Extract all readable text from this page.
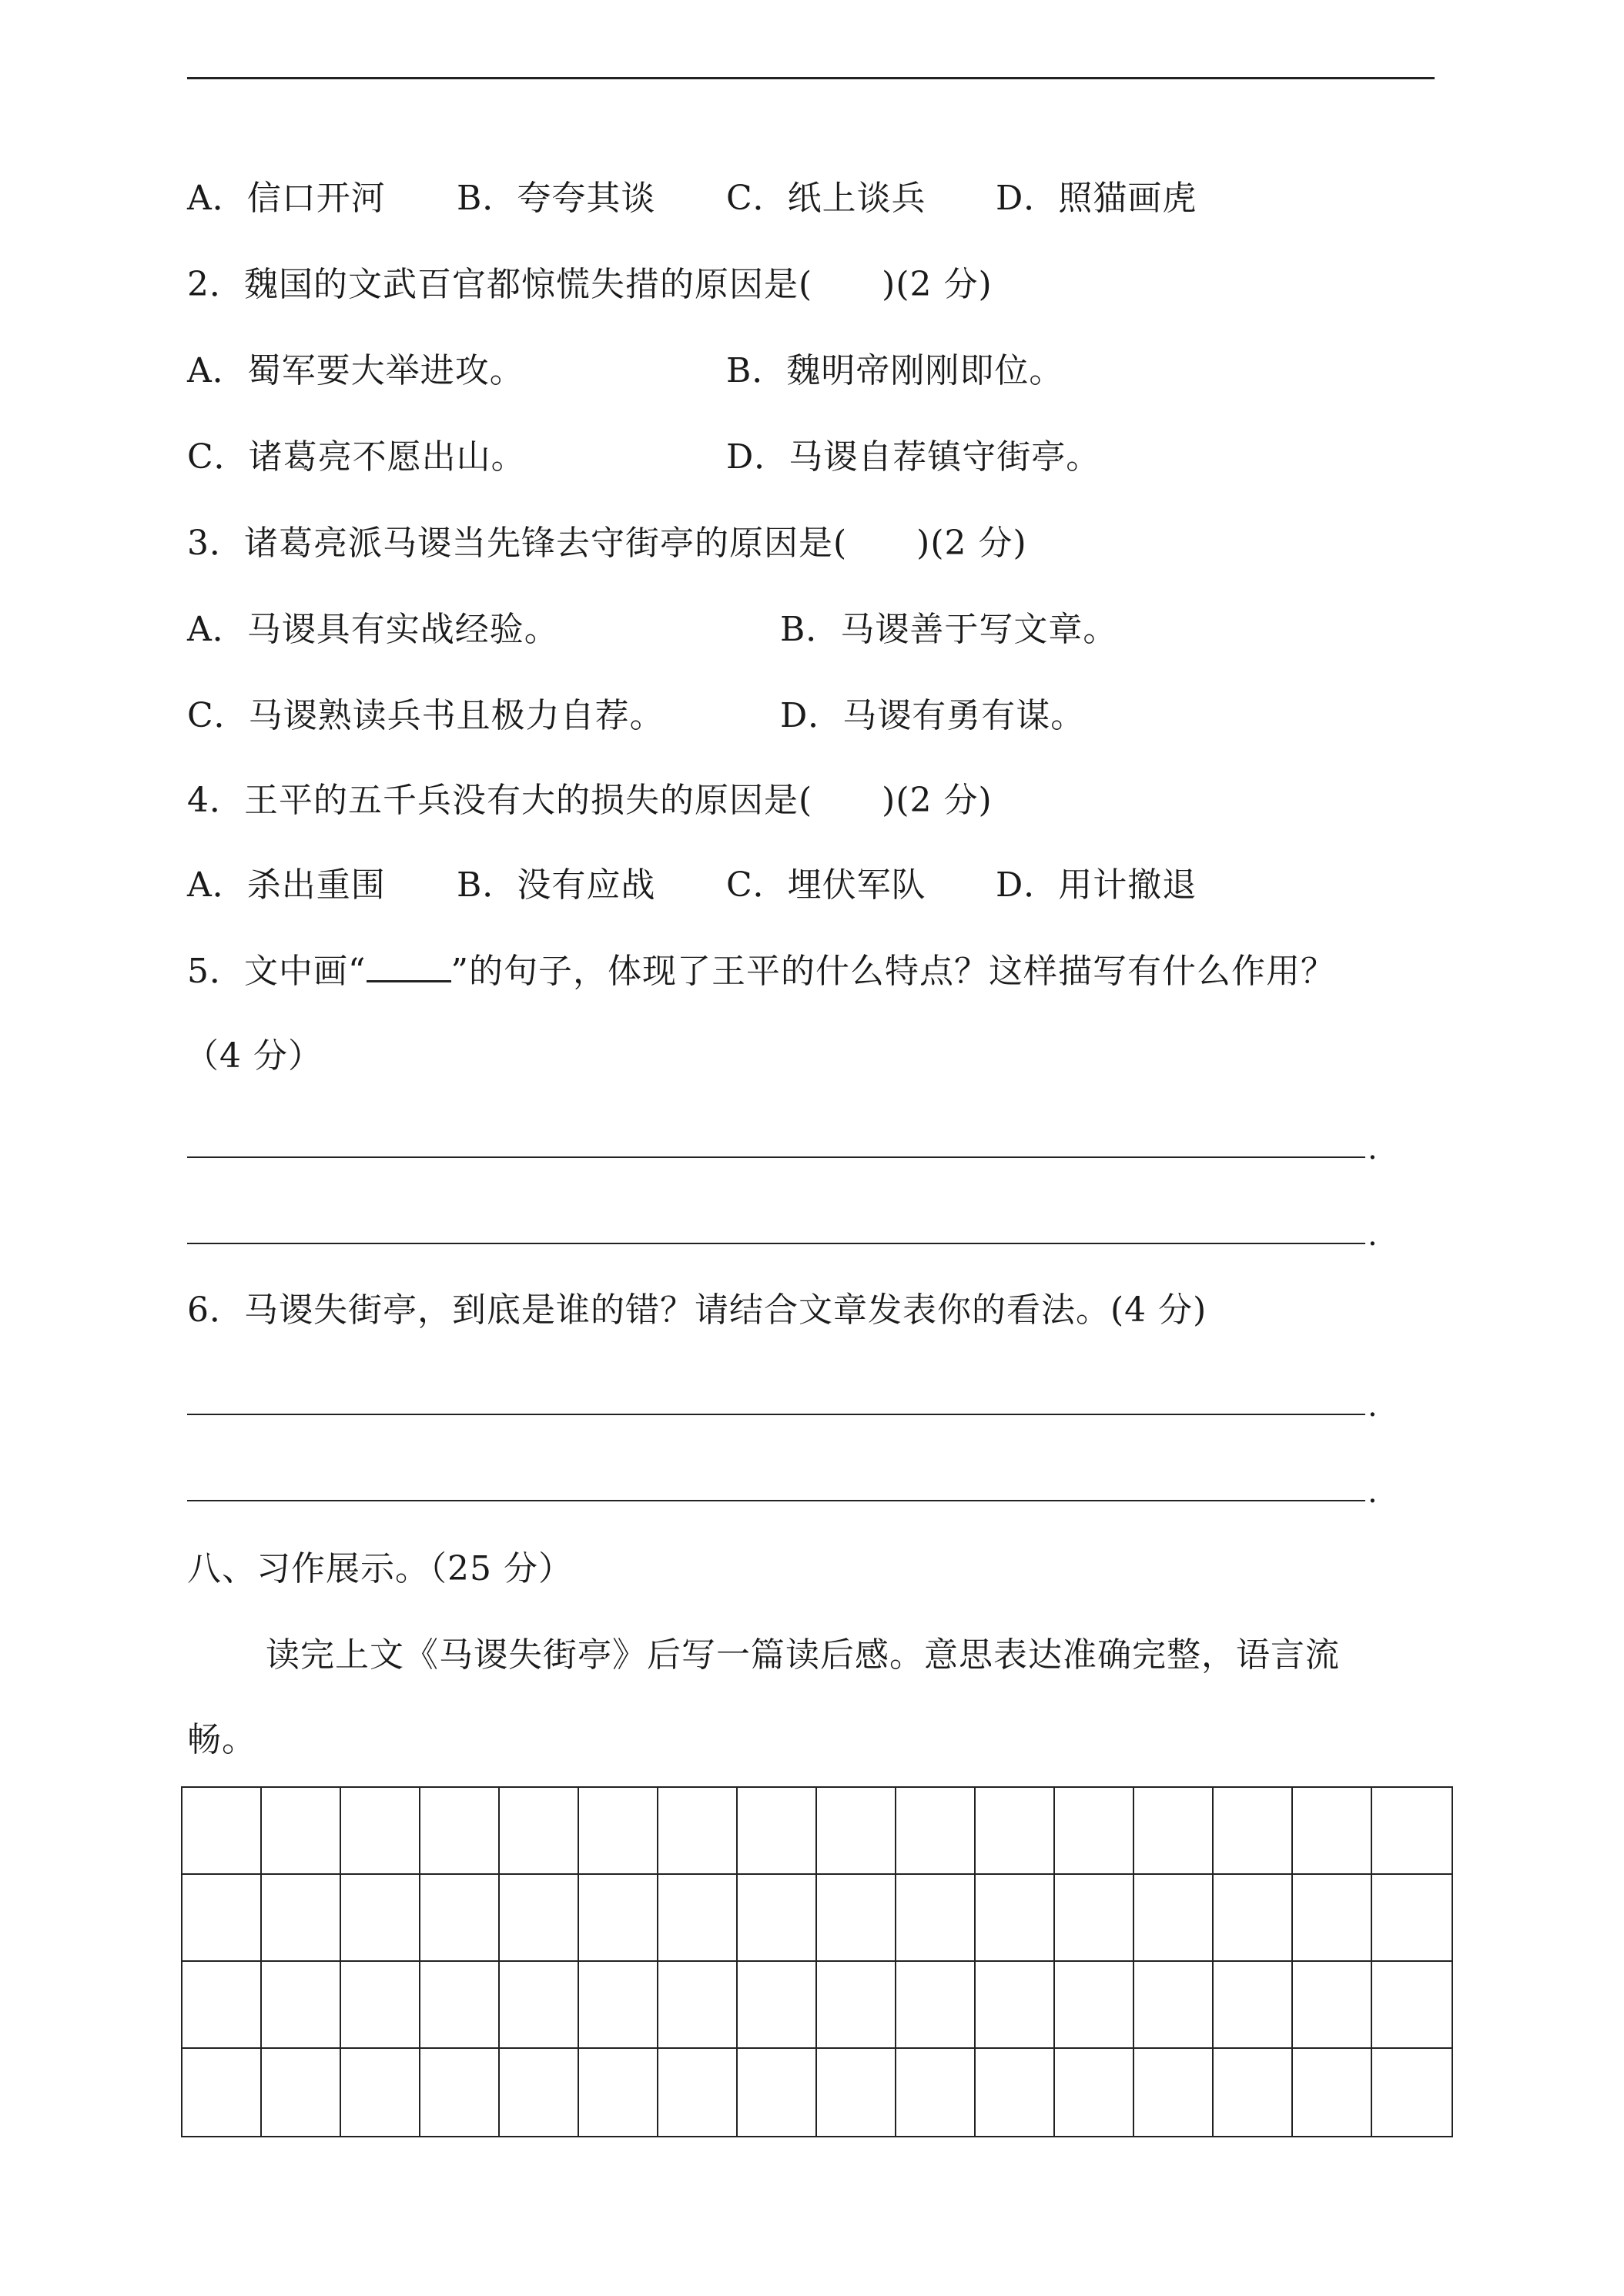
A．信口开河 B．夸夸其谈 C．纸上谈兵 D．照猫画虎
2．魏国的文武百官都惊慌失措的原因是(　　)(2 分)
A．蜀军要大举进攻。	B．魏明帝刚刚即位。
C．诸葛亮不愿出山。	D．马谡自荐镇守街亭。
3．诸葛亮派马谡当先锋去守街亭的原因是(　　)(2 分)
A．马谡具有实战经验。	B．马谡善于写文章。
C．马谡熟读兵书且极力自荐。	D．马谡有勇有谋。
4．王平的五千兵没有大的损失的原因是(　　)(2 分)
A．杀出重围 B．没有应战 C．埋伏军队 D．用计撤退
5．文中画“	”的句子，体现了王平的什么特点？这样描写有什么作用？
（4 分）
.
.
6．马谡失街亭，到底是谁的错？请结合文章发表你的看法。(4 分)
.
.
八、习作展示。（25 分）
读完上文《马谡失街亭》后写一篇读后感。意思表达准确完整，语言流
畅。
